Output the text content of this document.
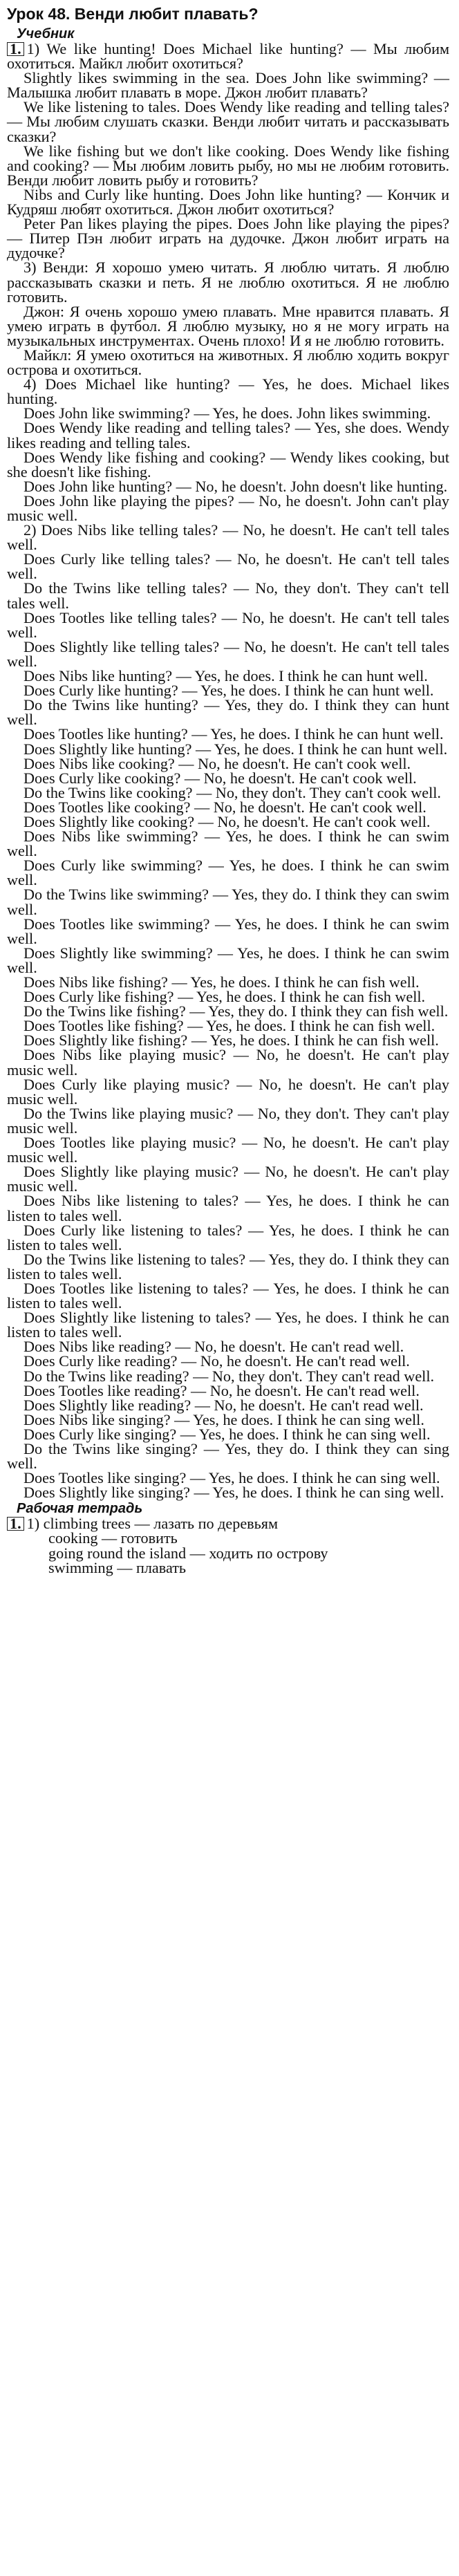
Урок 48. Венди любит плавать?
Учебник

1. 1) We like hunting! Does Michael like hunting? — Мы любим охотиться. Майкл любит охотиться?

Slightly likes swimming in the sea. Does John like swimming? — Малышка любит плавать в море. Джон любит плавать?

We like listening to tales. Does Wendy like reading and telling tales? — Мы любим слушать сказки. Венди любит читать и рассказывать сказки?

We like fishing but we don't like cooking. Does Wendy like fishing and cooking? — Мы любим ловить рыбу, но мы не любим готовить. Венди любит ловить рыбу и готовить?

Nibs and Curly like hunting. Does John like hunting? — Кончик и Кудряш любят охотиться. Джон любит охотиться?

Peter Pan likes playing the pipes. Does John like playing the pipes? — Питер Пэн любит играть на дудочке. Джон любит играть на дудочке?

3) Венди: Я хорошо умею читать. Я люблю читать. Я люблю рассказывать сказки и петь. Я не люблю охотиться. Я не люблю готовить.

Джон: Я очень хорошо умею плавать. Мне нравится плавать. Я умею играть в футбол. Я люблю музыку, но я не могу играть на музыкальных инструментах. Очень плохо! И я не люблю готовить.

Майкл: Я умею охотиться на животных. Я люблю ходить вокруг острова и охотиться.

4) Does Michael like hunting? — Yes, he does. Michael likes hunting.

Does John like swimming? — Yes, he does. John likes swimming.

Does Wendy like reading and telling tales? — Yes, she does. Wendy likes reading and telling tales.

Does Wendy like fishing and cooking? — Wendy likes cooking, but she doesn't like fishing.

Does John like hunting? — No, he doesn't. John doesn't like hunting.

Does John like playing the pipes? — No, he doesn't. John can't play music well.

2) Does Nibs like telling tales? — No, he doesn't. He can't tell tales well.

Does Curly like telling tales? — No, he doesn't. He can't tell tales well.

Do the Twins like telling tales? — No, they don't. They can't tell tales well.

Does Tootles like telling tales? — No, he doesn't. He can't tell tales well.

Does Slightly like telling tales? — No, he doesn't. He can't tell tales well.

Does Nibs like hunting? — Yes, he does. I think he can hunt well.

Does Curly like hunting? — Yes, he does. I think he can hunt well.

Do the Twins like hunting? — Yes, they do. I think they can hunt well.

Does Tootles like hunting? — Yes, he does. I think he can hunt well.

Does Slightly like hunting? — Yes, he does. I think he can hunt well.

Does Nibs like cooking? — No, he doesn't. He can't cook well.

Does Curly like cooking? — No, he doesn't. He can't cook well.

Do the Twins like cooking? — No, they don't. They can't cook well.

Does Tootles like cooking? — No, he doesn't. He can't cook well.

Does Slightly like cooking? — No, he doesn't. He can't cook well.

Does Nibs like swimming? — Yes, he does. I think he can swim well.

Does Curly like swimming? — Yes, he does. I think he can swim well.

Do the Twins like swimming? — Yes, they do. I think they can swim well.

Does Tootles like swimming? — Yes, he does. I think he can swim well.

Does Slightly like swimming? — Yes, he does. I think he can swim well.

Does Nibs like fishing? — Yes, he does. I think he can fish well.

Does Curly like fishing? — Yes, he does. I think he can fish well.

Do the Twins like fishing? — Yes, they do. I think they can fish well.

Does Tootles like fishing? — Yes, he does. I think he can fish well.

Does Slightly like fishing? — Yes, he does. I think he can fish well.

Does Nibs like playing music? — No, he doesn't. He can't play music well.

Does Curly like playing music? — No, he doesn't. He can't play music well.

Do the Twins like playing music? — No, they don't. They can't play music well.

Does Tootles like playing music? — No, he doesn't. He can't play music well.

Does Slightly like playing music? — No, he doesn't. He can't play music well.

Does Nibs like listening to tales? — Yes, he does. I think he can listen to tales well.

Does Curly like listening to tales? — Yes, he does. I think he can listen to tales well.

Do the Twins like listening to tales? — Yes, they do. I think they can listen to tales well.

Does Tootles like listening to tales? — Yes, he does. I think he can listen to tales well.

Does Slightly like listening to tales? — Yes, he does. I think he can listen to tales well.

Does Nibs like reading? — No, he doesn't. He can't read well.

Does Curly like reading? — No, he doesn't. He can't read well.

Do the Twins like reading? — No, they don't. They can't read well.

Does Tootles like reading? — No, he doesn't. He can't read well.

Does Slightly like reading? — No, he doesn't. He can't read well.

Does Nibs like singing? — Yes, he does. I think he can sing well.

Does Curly like singing? — Yes, he does. I think he can sing well.

Do the Twins like singing? — Yes, they do. I think they can sing well.

Does Tootles like singing? — Yes, he does. I think he can sing well.

Does Slightly like singing? — Yes, he does. I think he can sing well.

Рабочая тетрадь

1. 1) climbing trees — лазать по деревьям

cooking — готовить

going round the island — ходить по острову

swimming — плавать
